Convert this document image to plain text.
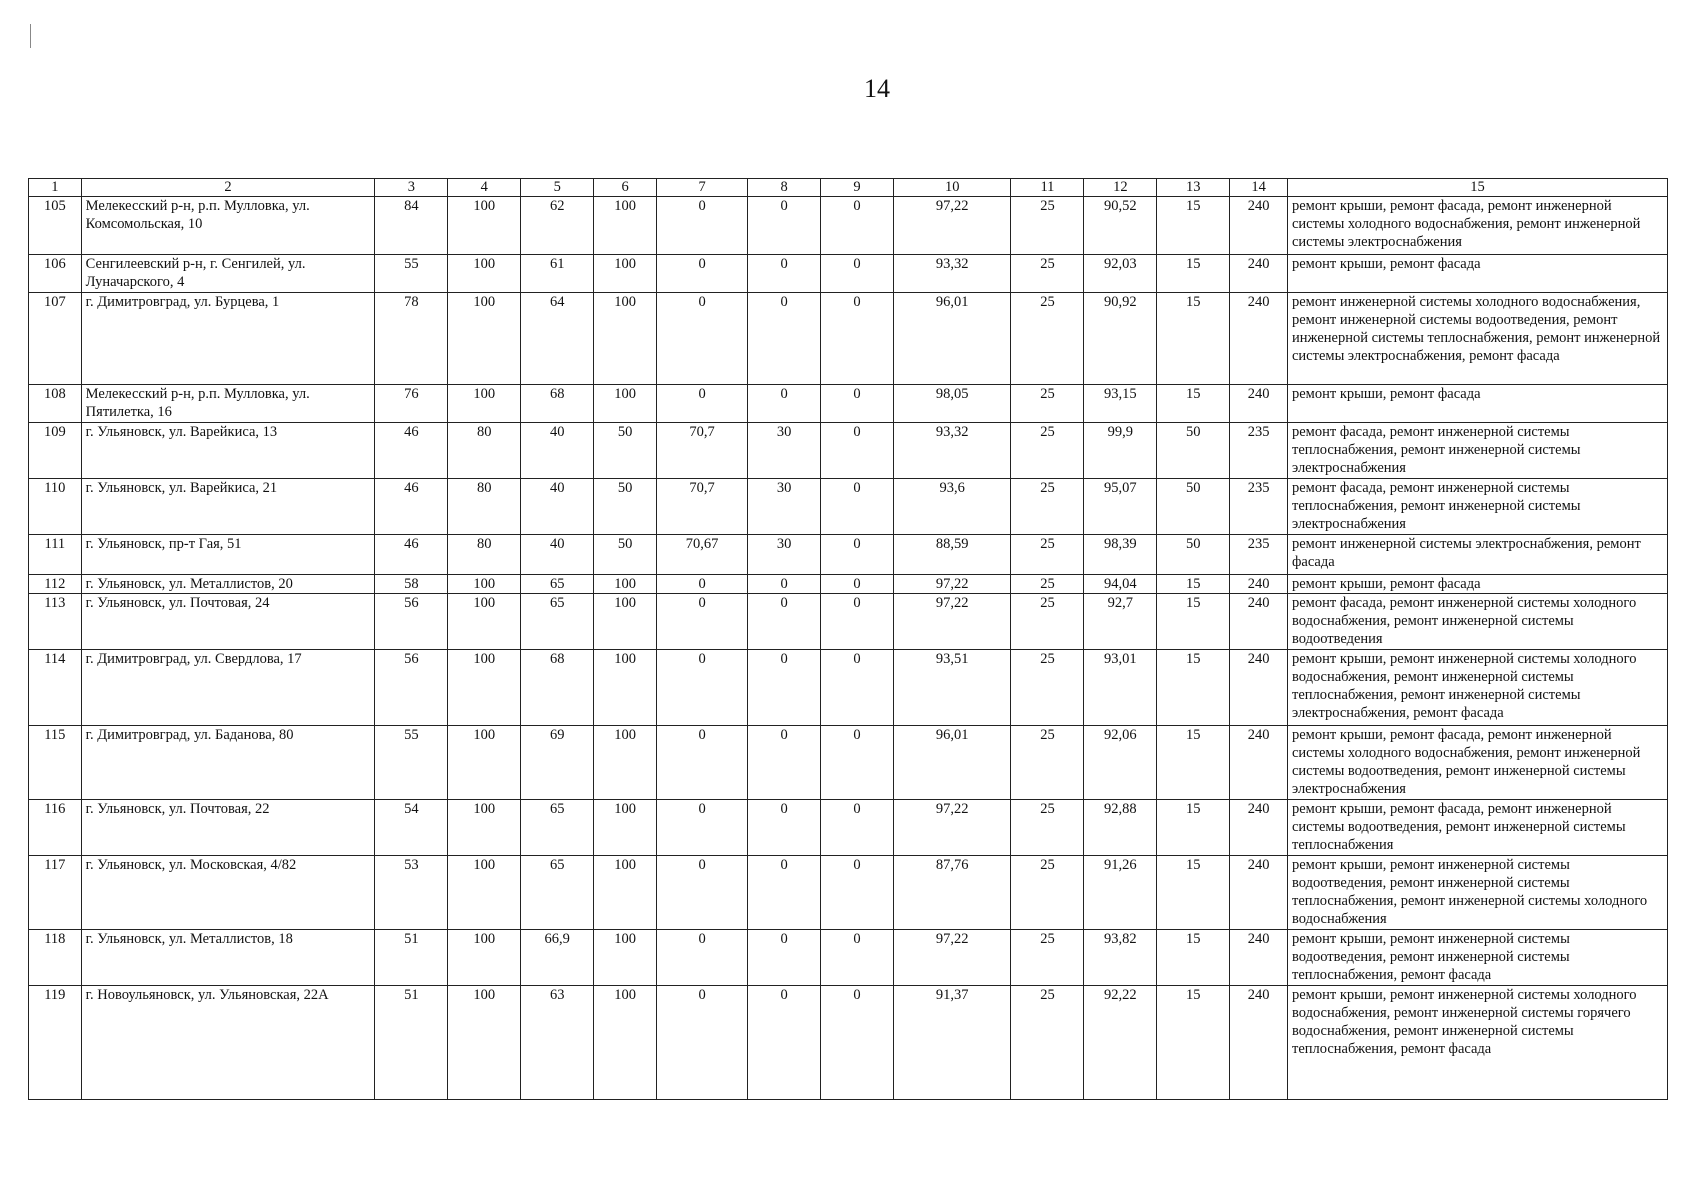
14
1	2	3	4	5	6	7	8	9	10	11	12	13	14	15
105	Мелекесский р-н, р.п. Мулловка, ул. Комсомольская, 10	84	100	62	100	0	0	0	97,22	25	90,52	15	240	ремонт крыши, ремонт фасада, ремонт инженерной системы холодного водоснабжения, ремонт инженерной системы электроснабжения
106	Сенгилеевский р-н, г. Сенгилей, ул. Луначарского, 4	55	100	61	100	0	0	0	93,32	25	92,03	15	240	ремонт крыши, ремонт фасада
107	г. Димитровград, ул. Бурцева, 1	78	100	64	100	0	0	0	96,01	25	90,92	15	240	ремонт инженерной системы холодного водоснабжения, ремонт инженерной системы водоотведения, ремонт инженерной системы теплоснабжения, ремонт инженерной системы электроснабжения, ремонт фасада
108	Мелекесский р-н, р.п. Мулловка, ул. Пятилетка, 16	76	100	68	100	0	0	0	98,05	25	93,15	15	240	ремонт крыши, ремонт фасада
109	г. Ульяновск, ул. Варейкиса, 13	46	80	40	50	70,7	30	0	93,32	25	99,9	50	235	ремонт фасада, ремонт инженерной системы теплоснабжения, ремонт инженерной системы электроснабжения
110	г. Ульяновск, ул. Варейкиса, 21	46	80	40	50	70,7	30	0	93,6	25	95,07	50	235	ремонт фасада, ремонт инженерной системы теплоснабжения, ремонт инженерной системы электроснабжения
111	г. Ульяновск, пр-т Гая, 51	46	80	40	50	70,67	30	0	88,59	25	98,39	50	235	ремонт инженерной системы электроснабжения, ремонт фасада
112	г. Ульяновск, ул. Металлистов, 20	58	100	65	100	0	0	0	97,22	25	94,04	15	240	ремонт крыши, ремонт фасада
113	г. Ульяновск, ул. Почтовая, 24	56	100	65	100	0	0	0	97,22	25	92,7	15	240	ремонт фасада, ремонт инженерной системы холодного водоснабжения, ремонт инженерной системы водоотведения
114	г. Димитровград, ул. Свердлова, 17	56	100	68	100	0	0	0	93,51	25	93,01	15	240	ремонт крыши, ремонт инженерной системы холодного водоснабжения, ремонт инженерной системы теплоснабжения, ремонт инженерной системы электроснабжения, ремонт фасада
115	г. Димитровград, ул. Баданова, 80	55	100	69	100	0	0	0	96,01	25	92,06	15	240	ремонт крыши, ремонт фасада, ремонт инженерной системы холодного водоснабжения, ремонт инженерной системы водоотведения, ремонт инженерной системы электроснабжения
116	г. Ульяновск, ул. Почтовая, 22	54	100	65	100	0	0	0	97,22	25	92,88	15	240	ремонт крыши, ремонт фасада, ремонт инженерной системы водоотведения, ремонт инженерной системы теплоснабжения
117	г. Ульяновск, ул. Московская, 4/82	53	100	65	100	0	0	0	87,76	25	91,26	15	240	ремонт крыши, ремонт инженерной системы водоотведения, ремонт инженерной системы теплоснабжения, ремонт инженерной системы холодного водоснабжения
118	г. Ульяновск, ул. Металлистов, 18	51	100	66,9	100	0	0	0	97,22	25	93,82	15	240	ремонт крыши, ремонт инженерной системы водоотведения, ремонт инженерной системы теплоснабжения, ремонт фасада
119	г. Новоульяновск, ул. Ульяновская, 22А	51	100	63	100	0	0	0	91,37	25	92,22	15	240	ремонт крыши, ремонт инженерной системы холодного водоснабжения, ремонт инженерной системы горячего водоснабжения, ремонт инженерной системы теплоснабжения, ремонт фасада
